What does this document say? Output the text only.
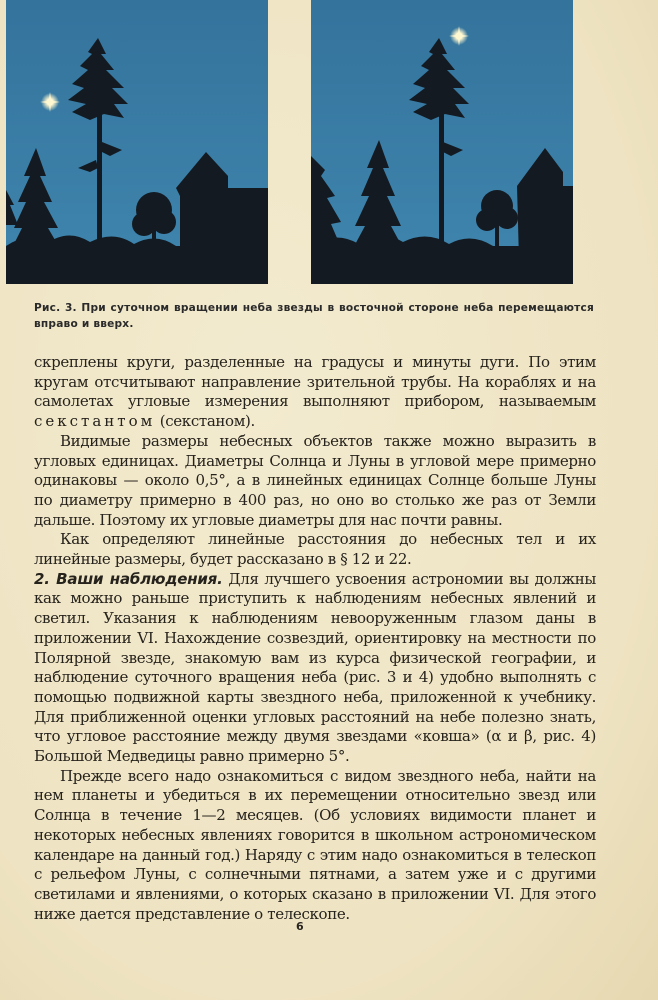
Рис. 3. При суточном вращении неба звезды в восточной стороне неба перемещаются вправо и вверх.

скреплены круги, разделенные на градусы и минуты дуги. По этим кругам отсчитывают направление зрительной трубы. На кораблях и на самолетах угловые измерения выполняют прибором, называемым секстантом (секстаном).

Видимые размеры небесных объектов также можно выразить в угловых единицах. Диаметры Солнца и Луны в угловой мере примерно одинаковы — около 0,5°, а в линейных единицах Солнце больше Луны по диаметру примерно в 400 раз, но оно во столько же раз от Земли дальше. Поэтому их угловые диаметры для нас почти равны.

Как определяют линейные расстояния до небесных тел и их линейные размеры, будет рассказано в § 12 и 22.

2. Ваши наблюдения. Для лучшего усвоения астрономии вы должны как можно раньше приступить к наблюдениям небесных явлений и светил. Указания к наблюдениям невооруженным глазом даны в приложении VI. Нахождение созвездий, ориентировку на местности по Полярной звезде, знакомую вам из курса физической географии, и наблюдение суточного вращения неба (рис. 3 и 4) удобно выполнять с помощью подвижной карты звездного неба, приложенной к учебнику. Для приближенной оценки угловых расстояний на небе полезно знать, что угловое расстояние между двумя звездами «ковша» (α и β, рис. 4) Большой Медведицы равно примерно 5°.

Прежде всего надо ознакомиться с видом звездного неба, найти на нем планеты и убедиться в их перемещении относительно звезд или Солнца в течение 1—2 месяцев. (Об условиях видимости планет и некоторых небесных явлениях говорится в школьном астрономическом календаре на данный год.) Наряду с этим надо ознакомиться в телескоп с рельефом Луны, с солнечными пятнами, а затем уже и с другими светилами и явлениями, о которых сказано в приложении VI. Для этого ниже дается представление о телескопе.

6
